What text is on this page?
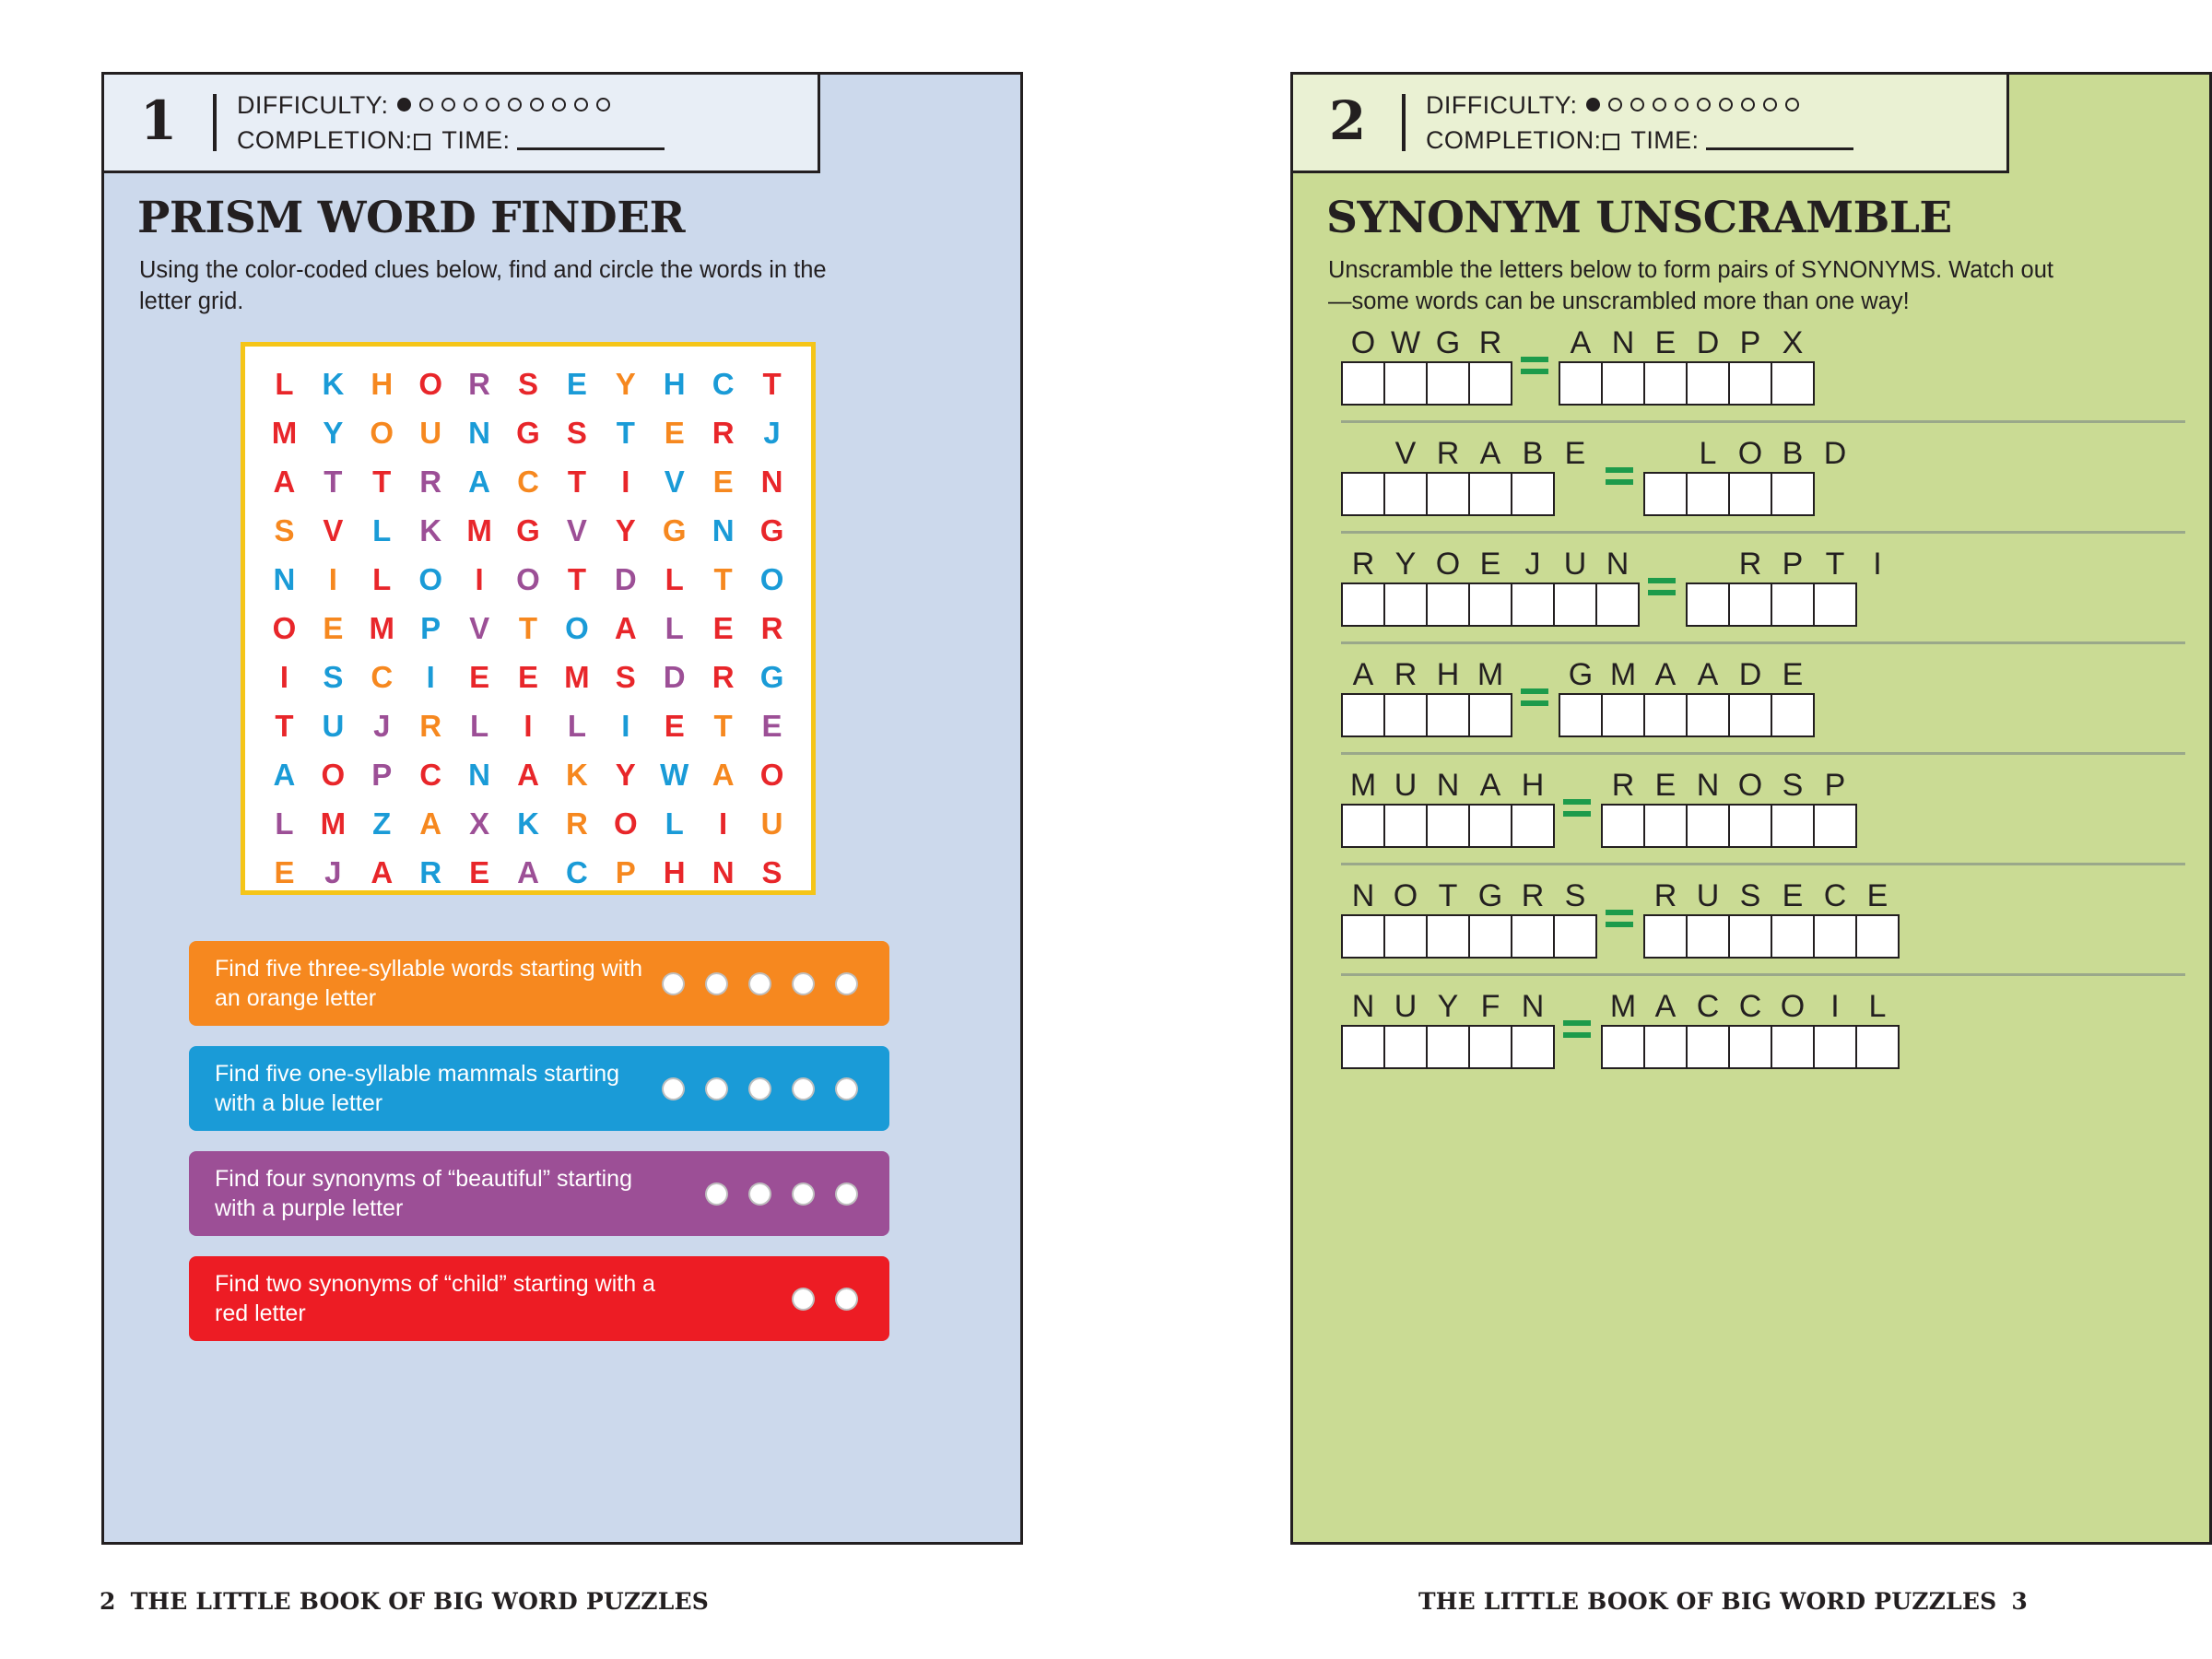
1	DIFFICULTY:
COMPLETION: TIME:
PRISM WORD FINDER
Using the color-coded clues below, find and circle the words in the letter grid.
L K H O R S E Y H C T
M Y O U N G S T E R J
A T T R A C T I V E N
S V L K M G V Y G N G
N I L O I O T D L T O
O E M P V T O A L E R
I S C I E E M S D R G
T U J R L I L I E T E
A O P C N A K Y W A O
L M Z A X K R O L I U
E J A R E A C P H N S
Find five three-syllable words starting with an orange letter
Find five one-syllable mammals starting with a blue letter
Find four synonyms of “beautiful” starting with a purple letter
Find two synonyms of “child” starting with a red letter
2 THE LITTLE BOOK OF BIG WORD PUZZLES
2	DIFFICULTY:
COMPLETION: TIME:
SYNONYM UNSCRAMBLE
Unscramble the letters below to form pairs of SYNONYMS. Watch out—some words can be unscrambled more than one way!
O W G R	A N E D P X
V R A B E	L O B D
R Y O E J U N	R P T I
A R H M	G M A A D E
M U N A H	R E N O S P
N O T G R S	R U S E C E
N U Y F N	M A C C O I L
THE LITTLE BOOK OF BIG WORD PUZZLES 3
